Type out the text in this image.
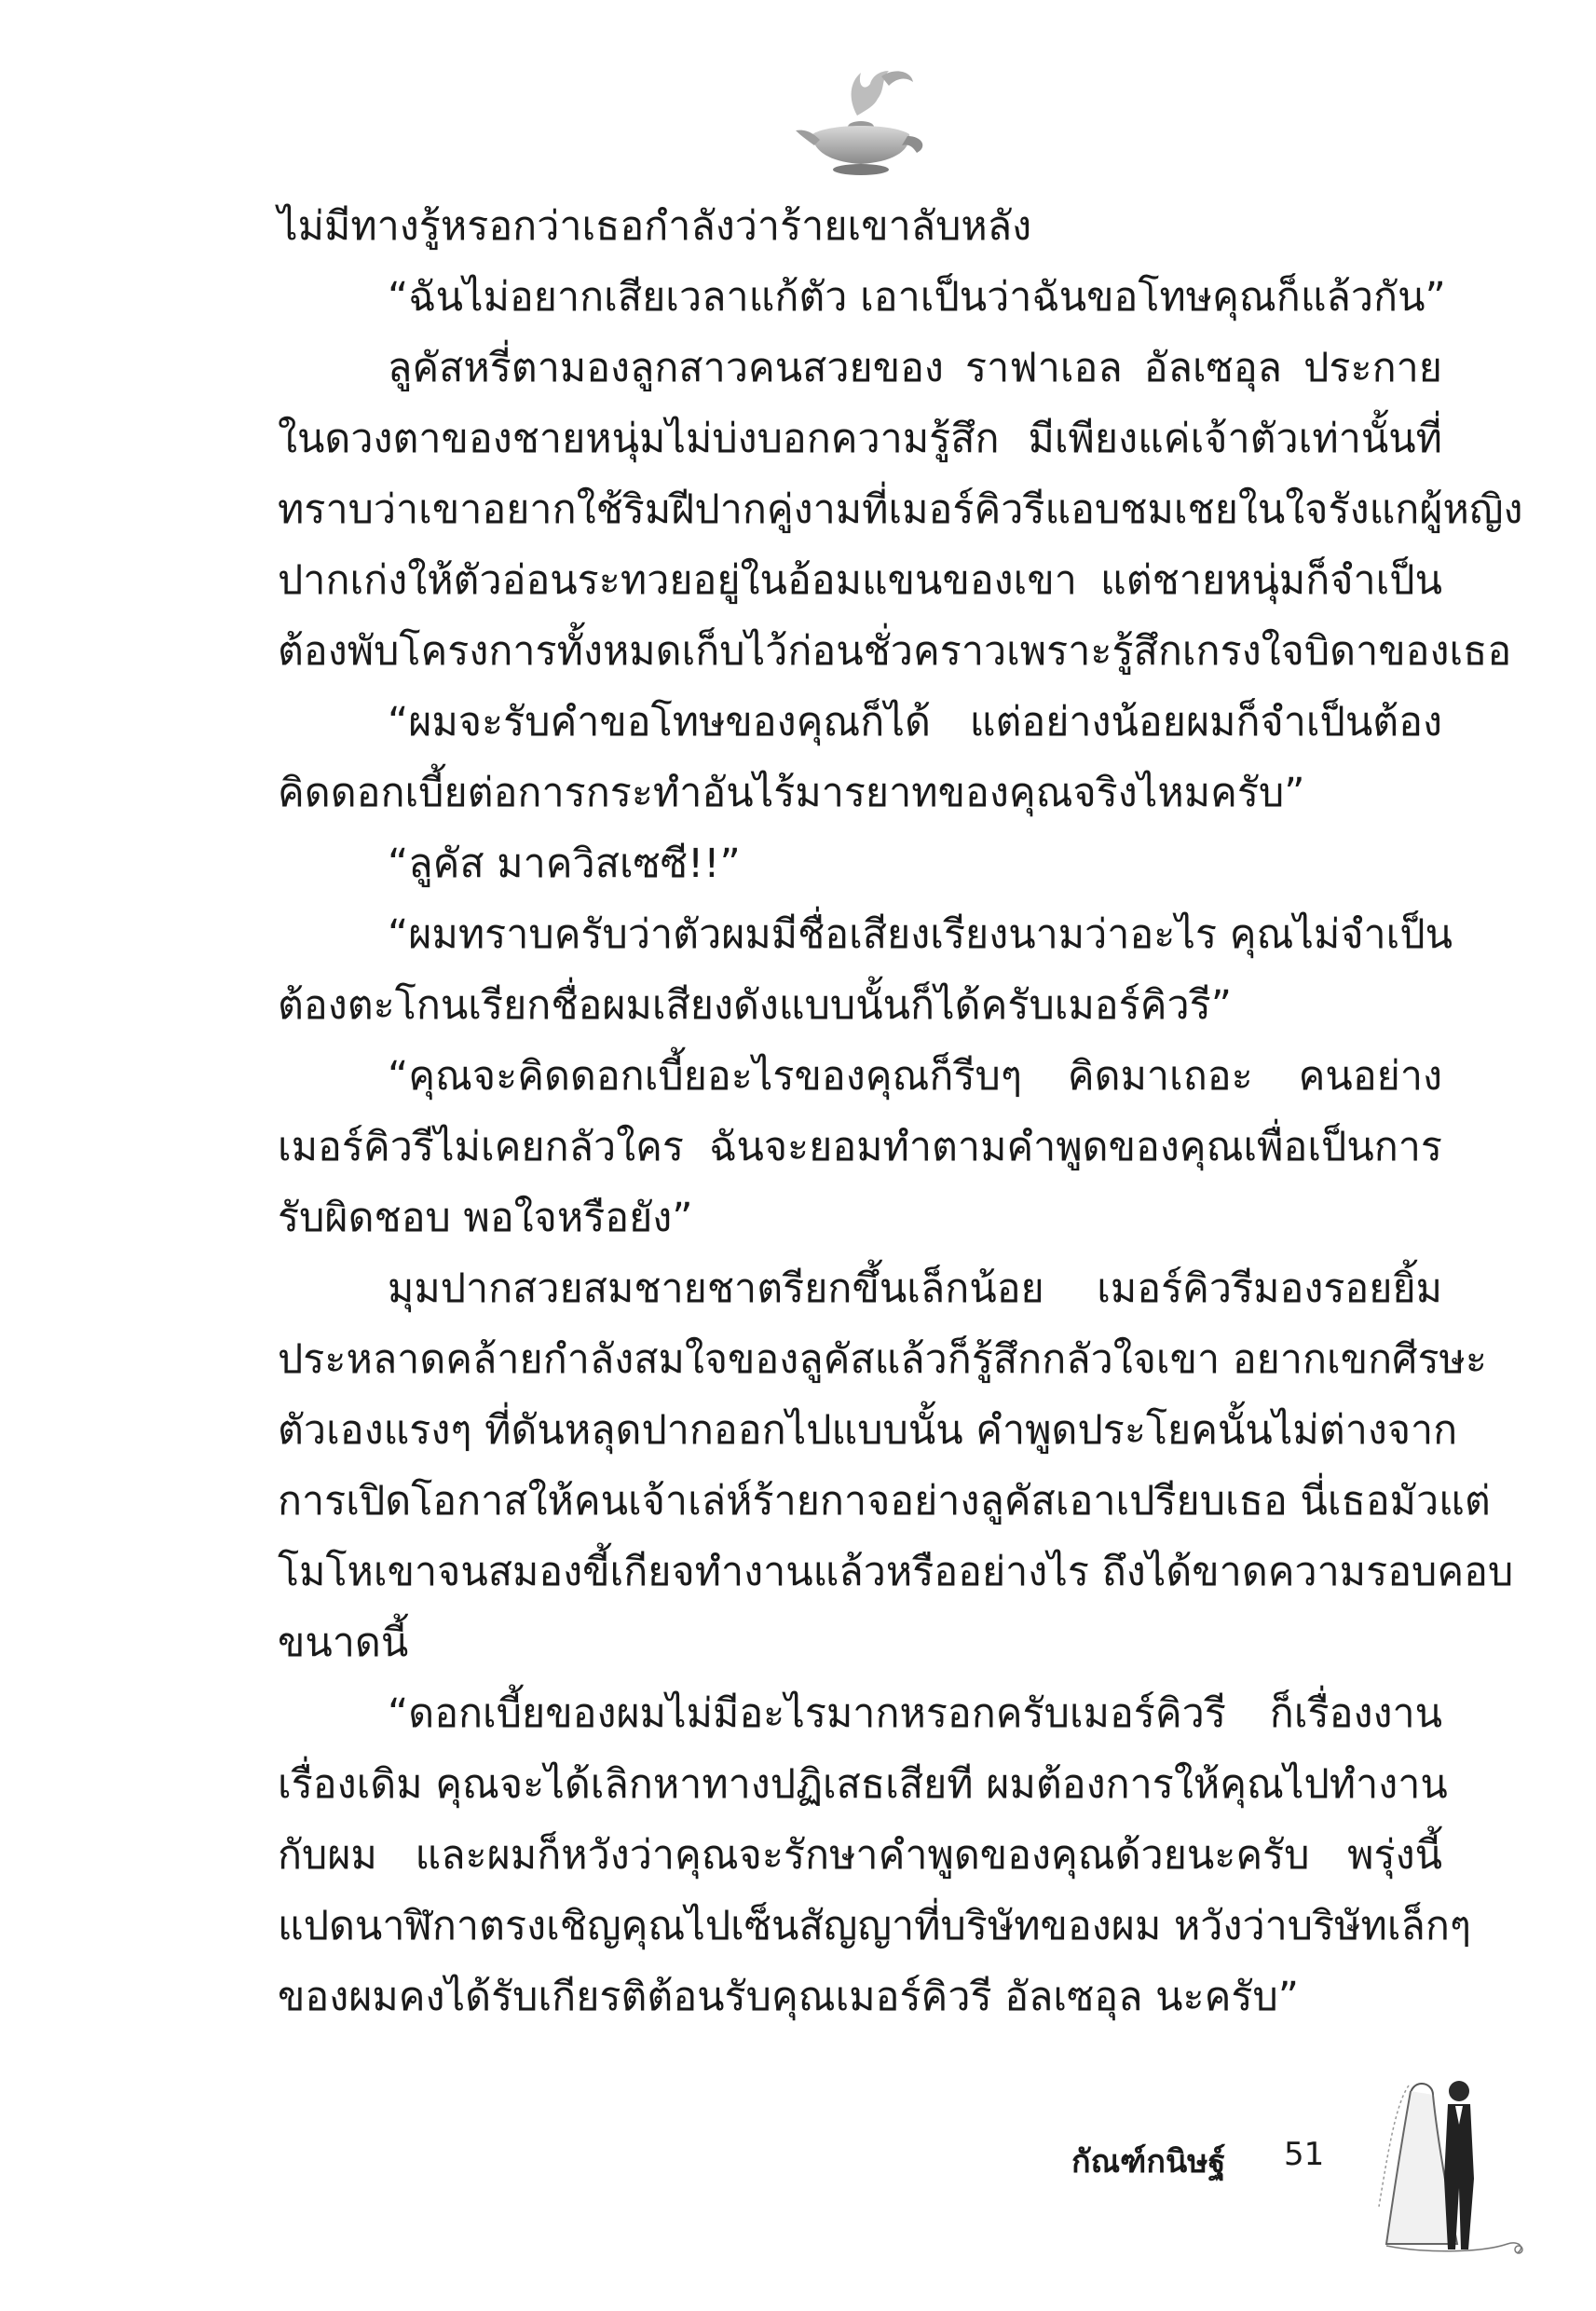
ไม่มีทางรู้หรอกว่าเธอกำลังว่าร้ายเขาลับหลัง

“ฉันไม่อยากเสียเวลาแก้ตัว เอาเป็นว่าฉันขอโทษคุณก็แล้วกัน”

ลูคัสหรี่ตามองลูกสาวคนสวยของ ราฟาเอล อัลเซอุล ประกาย

ในดวงตาของชายหนุ่มไม่บ่งบอกความรู้สึก มีเพียงแค่เจ้าตัวเท่านั้นที่

ทราบว่าเขาอยากใช้ริมฝีปากคู่งามที่เมอร์คิวรีแอบชมเชยในใจรังแกผู้หญิง

ปากเก่งให้ตัวอ่อนระทวยอยู่ในอ้อมแขนของเขา แต่ชายหนุ่มก็จำเป็น

ต้องพับโครงการทั้งหมดเก็บไว้ก่อนชั่วคราวเพราะรู้สึกเกรงใจบิดาของเธอ

“ผมจะรับคำขอโทษของคุณก็ได้ แต่อย่างน้อยผมก็จำเป็นต้อง

คิดดอกเบี้ยต่อการกระทำอันไร้มารยาทของคุณจริงไหมครับ”

“ลูคัส มาควิสเซซี!!”

“ผมทราบครับว่าตัวผมมีชื่อเสียงเรียงนามว่าอะไร คุณไม่จำเป็น

ต้องตะโกนเรียกชื่อผมเสียงดังแบบนั้นก็ได้ครับเมอร์คิวรี”

“คุณจะคิดดอกเบี้ยอะไรของคุณก็รีบๆ คิดมาเถอะ คนอย่าง

เมอร์คิวรีไม่เคยกลัวใคร ฉันจะยอมทำตามคำพูดของคุณเพื่อเป็นการ

รับผิดชอบ พอใจหรือยัง”

มุมปากสวยสมชายชาตรียกขึ้นเล็กน้อย เมอร์คิวรีมองรอยยิ้ม

ประหลาดคล้ายกำลังสมใจของลูคัสแล้วก็รู้สึกกลัวใจเขา อยากเขกศีรษะ

ตัวเองแรงๆ ที่ดันหลุดปากออกไปแบบนั้น คำพูดประโยคนั้นไม่ต่างจาก

การเปิดโอกาสให้คนเจ้าเล่ห์ร้ายกาจอย่างลูคัสเอาเปรียบเธอ นี่เธอมัวแต่

โมโหเขาจนสมองขี้เกียจทำงานแล้วหรืออย่างไร ถึงได้ขาดความรอบคอบ

ขนาดนี้

“ดอกเบี้ยของผมไม่มีอะไรมากหรอกครับเมอร์คิวรี ก็เรื่องงาน

เรื่องเดิม คุณจะได้เลิกหาทางปฏิเสธเสียที ผมต้องการให้คุณไปทำงาน

กับผม และผมก็หวังว่าคุณจะรักษาคำพูดของคุณด้วยนะครับ พรุ่งนี้

แปดนาฬิกาตรงเชิญคุณไปเซ็นสัญญาที่บริษัทของผม หวังว่าบริษัทเล็กๆ

ของผมคงได้รับเกียรติต้อนรับคุณเมอร์คิวรี อัลเซอุล นะครับ”

กัณฑ์กนิษฐ์ 51
